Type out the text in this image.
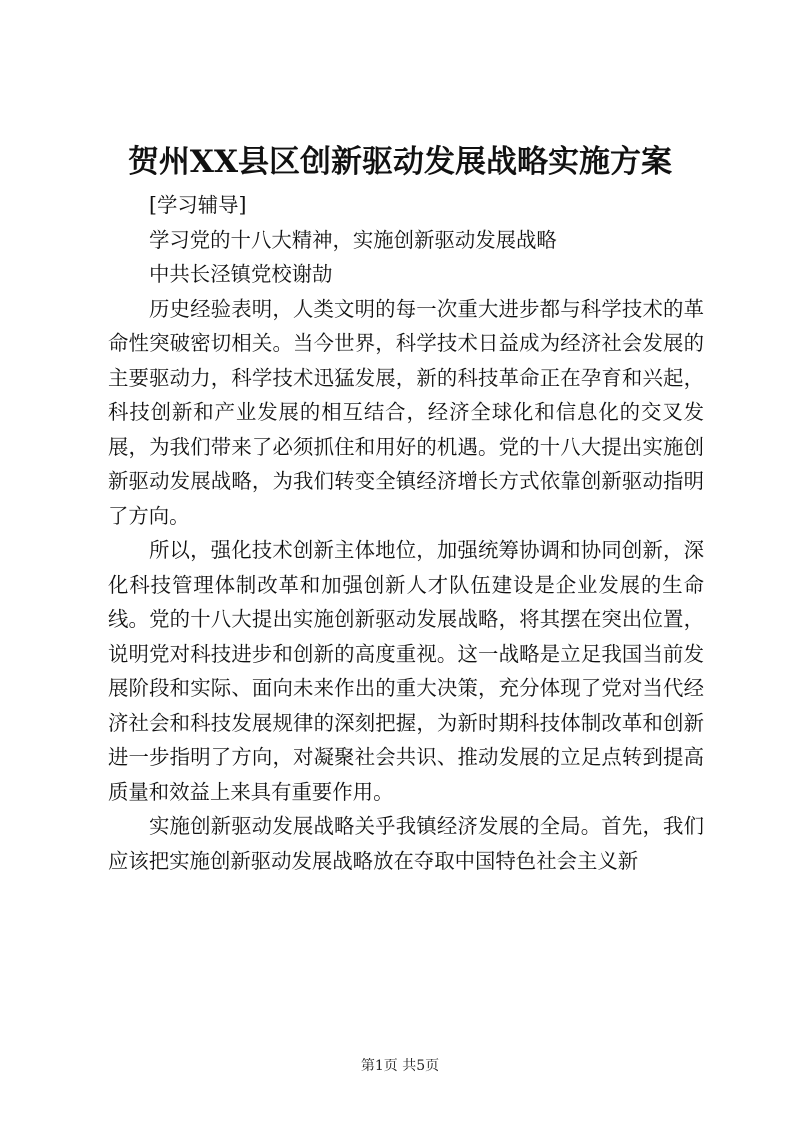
贺州XX县区创新驱动发展战略实施方案

[学习辅导]

学习党的十八大精神，实施创新驱动发展战略

中共长泾镇党校谢劼

历史经验表明，人类文明的每一次重大进步都与科学技术的革命性突破密切相关。当今世界，科学技术日益成为经济社会发展的主要驱动力，科学技术迅猛发展，新的科技革命正在孕育和兴起，科技创新和产业发展的相互结合，经济全球化和信息化的交叉发展，为我们带来了必须抓住和用好的机遇。党的十八大提出实施创新驱动发展战略，为我们转变全镇经济增长方式依靠创新驱动指明了方向。

所以，强化技术创新主体地位，加强统筹协调和协同创新，深化科技管理体制改革和加强创新人才队伍建设是企业发展的生命线。党的十八大提出实施创新驱动发展战略，将其摆在突出位置，说明党对科技进步和创新的高度重视。这一战略是立足我国当前发展阶段和实际、面向未来作出的重大决策，充分体现了党对当代经济社会和科技发展规律的深刻把握，为新时期科技体制改革和创新进一步指明了方向，对凝聚社会共识、推动发展的立足点转到提高质量和效益上来具有重要作用。

实施创新驱动发展战略关乎我镇经济发展的全局。首先，我们应该把实施创新驱动发展战略放在夺取中国特色社会主义新

第1页 共5页
